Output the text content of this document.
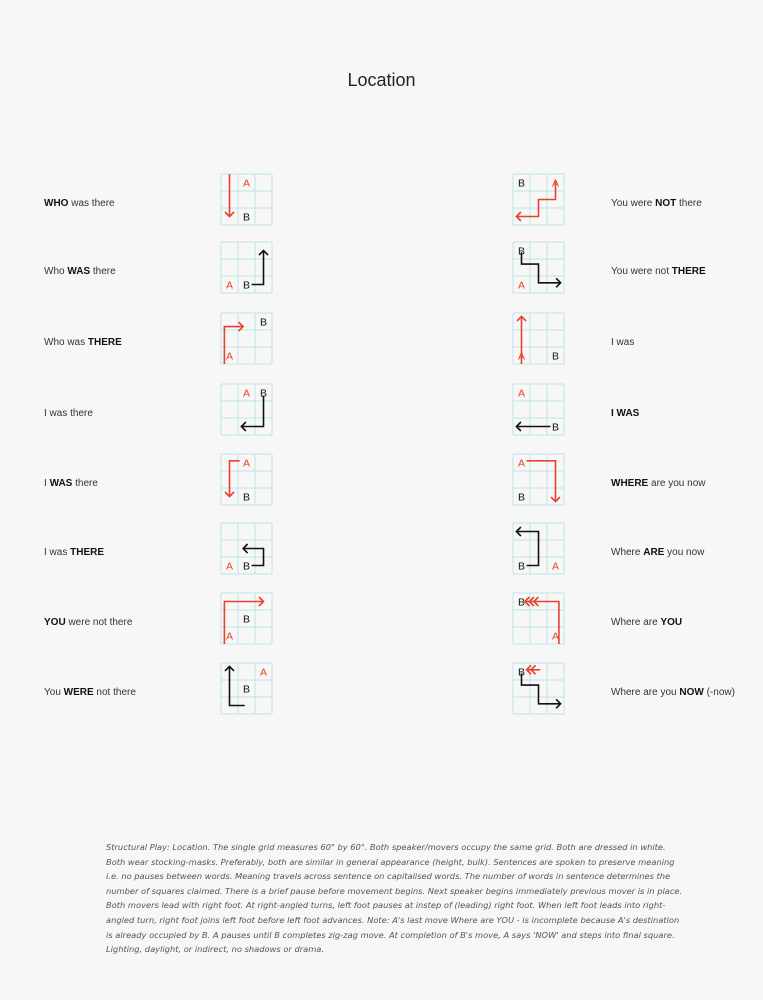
Location
WHO was there
A
B
Who WAS there
A B
Who was THERE
A
B
I was there
A B
I WAS there
A
B
I was THERE
A B
YOU were not there
A
B
You WERE not there
A
B
You were NOT there
B	A
You were not THERE
B
A
I was
A	B
I WAS
A
B
WHERE are you now
A
B
Where ARE you now
B	A
Where are YOU
B
A
Where are you NOW (-now)
B

Structural Play: Location. The single grid measures 60" by 60". Both speaker/movers occupy the same grid. Both are dressed in white. Both wear stocking-masks. Preferably, both are similar in general appearance (height, bulk). Sentences are spoken to preserve meaning i.e. no pauses between words. Meaning travels across sentence on capitalised words. The number of words in sentence determines the number of squares claimed. There is a brief pause before movement begins. Next speaker begins immediately previous mover is in place. Both movers lead with right foot. At right-angled turns, left foot pauses at instep of (leading) right foot. When left foot leads into right-angled turn, right foot joins left foot before left foot advances. Note: A's last move Where are YOU - is incomplete because A's destination is already occupied by B. A pauses until B completes zig-zag move. At completion of B's move, A says 'NOW' and steps into final square. Lighting, daylight, or indirect, no shadows or drama.
